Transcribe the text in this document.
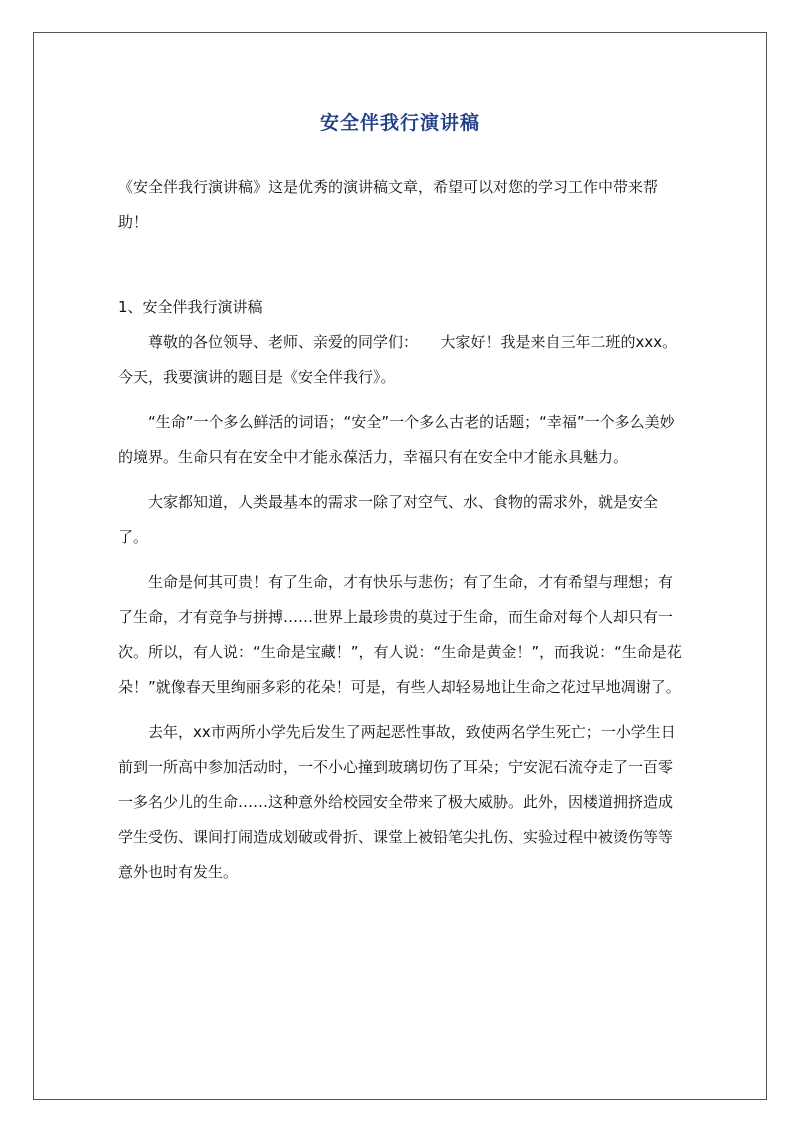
安全伴我行演讲稿

《安全伴我行演讲稿》这是优秀的演讲稿文章，希望可以对您的学习工作中带来帮助！

1、安全伴我行演讲稿

尊敬的各位领导、老师、亲爱的同学们：　　大家好！我是来自三年二班的xxx。今天，我要演讲的题目是《安全伴我行》。

“生命”一个多么鲜活的词语；“安全”一个多么古老的话题；“幸福”一个多么美妙的境界。生命只有在安全中才能永葆活力，幸福只有在安全中才能永具魅力。

大家都知道，人类最基本的需求一除了对空气、水、食物的需求外，就是安全了。

生命是何其可贵！有了生命，才有快乐与悲伤；有了生命，才有希望与理想；有了生命，才有竞争与拼搏……世界上最珍贵的莫过于生命，而生命对每个人却只有一次。所以，有人说：“生命是宝藏！”，有人说：“生命是黄金！”，而我说：“生命是花朵！”就像春天里绚丽多彩的花朵！可是，有些人却轻易地让生命之花过早地凋谢了。

去年，xx市两所小学先后发生了两起恶性事故，致使两名学生死亡；一小学生日前到一所高中参加活动时，一不小心撞到玻璃切伤了耳朵；宁安泥石流夺走了一百零一多名少儿的生命……这种意外给校园安全带来了极大威胁。此外，因楼道拥挤造成学生受伤、课间打闹造成划破或骨折、课堂上被铅笔尖扎伤、实验过程中被烫伤等等意外也时有发生。
